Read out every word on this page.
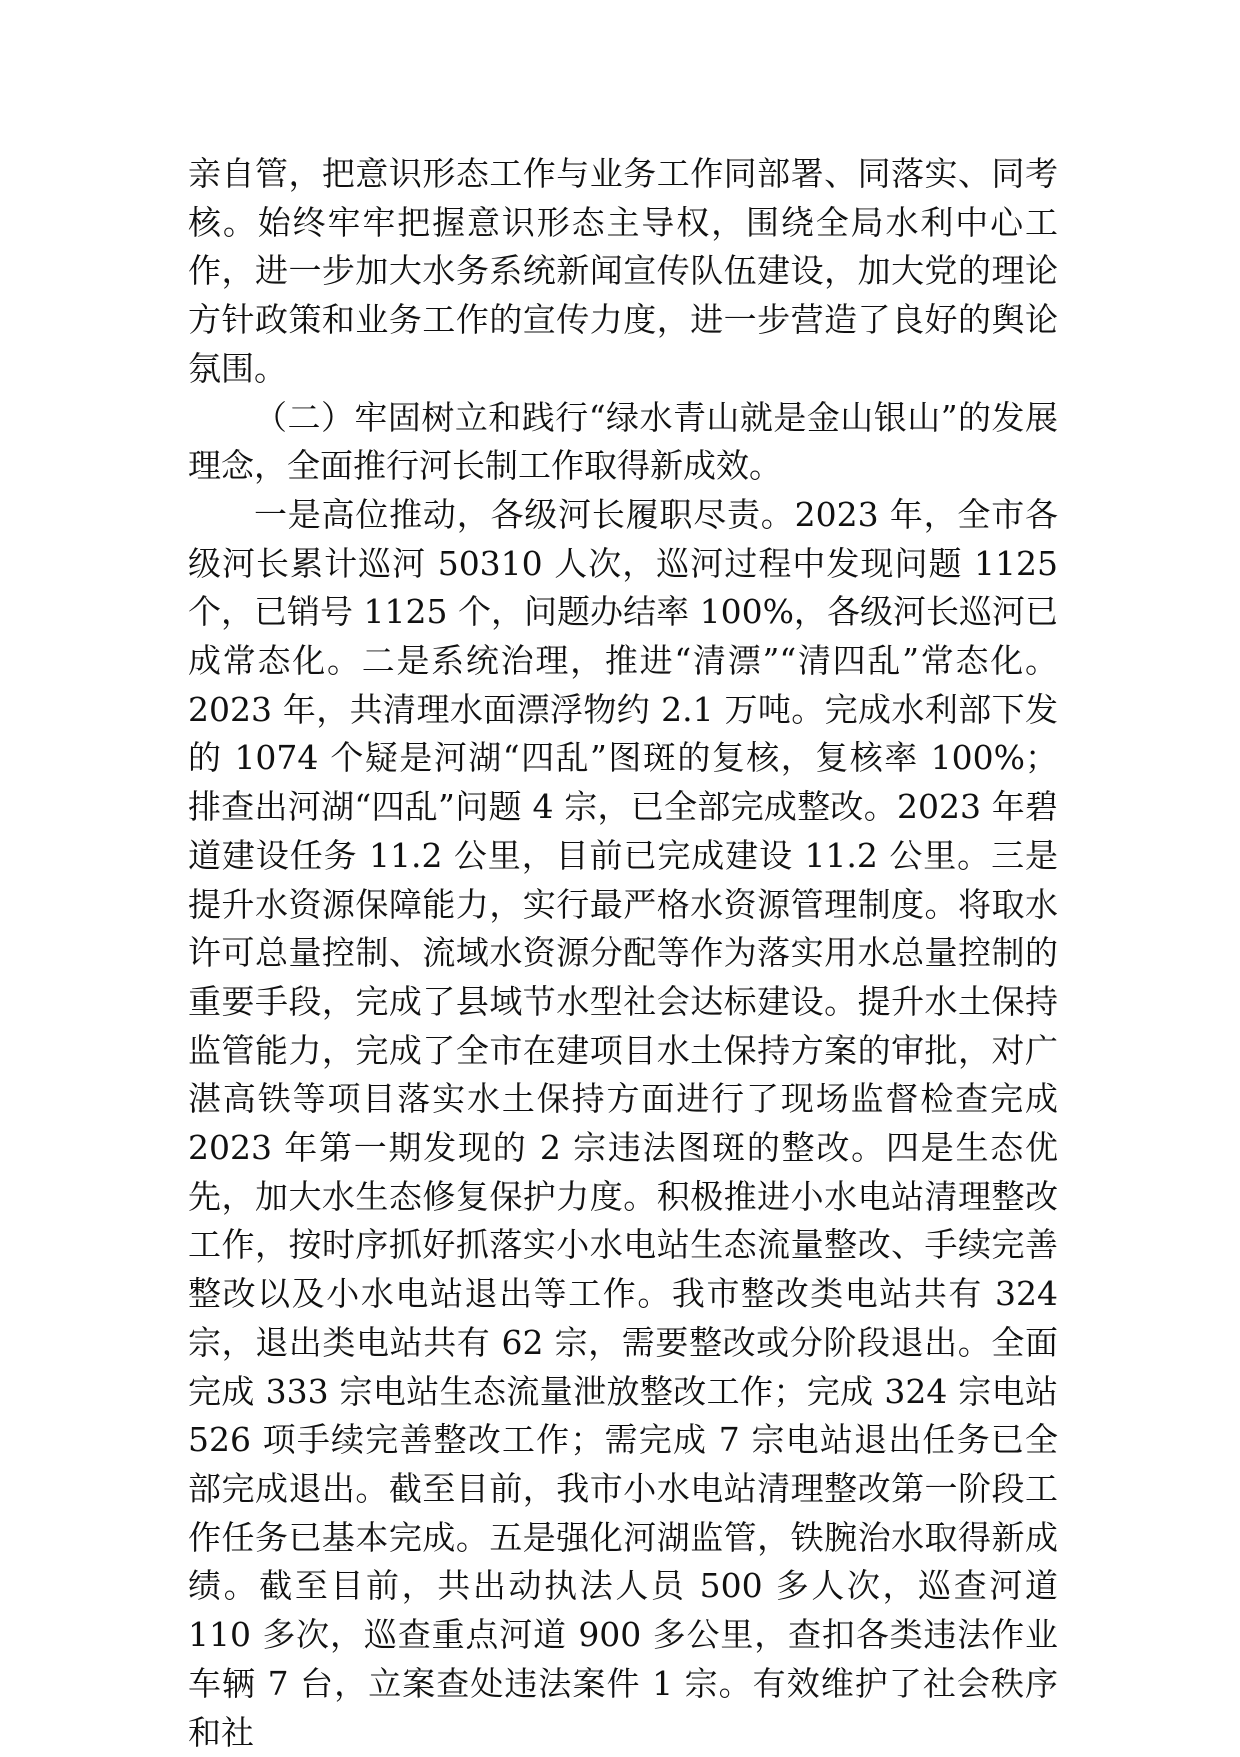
亲自管，把意识形态工作与业务工作同部署、同落实、同考核。始终牢牢把握意识形态主导权，围绕全局水利中心工作，进一步加大水务系统新闻宣传队伍建设，加大党的理论方针政策和业务工作的宣传力度，进一步营造了良好的舆论氛围。

（二）牢固树立和践行“绿水青山就是金山银山”的发展理念，全面推行河长制工作取得新成效。

一是高位推动，各级河长履职尽责。2023 年，全市各级河长累计巡河 50310 人次，巡河过程中发现问题 1125 个，已销号 1125 个，问题办结率 100%，各级河长巡河已成常态化。二是系统治理，推进“清漂”“清四乱”常态化。2023 年，共清理水面漂浮物约 2.1 万吨。完成水利部下发的 1074 个疑是河湖“四乱”图斑的复核，复核率 100%；排查出河湖“四乱”问题 4 宗，已全部完成整改。2023 年碧道建设任务 11.2 公里，目前已完成建设 11.2 公里。三是提升水资源保障能力，实行最严格水资源管理制度。将取水许可总量控制、流域水资源分配等作为落实用水总量控制的重要手段，完成了县域节水型社会达标建设。提升水土保持监管能力，完成了全市在建项目水土保持方案的审批，对广湛高铁等项目落实水土保持方面进行了现场监督检查完成 2023 年第一期发现的 2 宗违法图斑的整改。四是生态优先，加大水生态修复保护力度。积极推进小水电站清理整改工作，按时序抓好抓落实小水电站生态流量整改、手续完善整改以及小水电站退出等工作。我市整改类电站共有 324 宗，退出类电站共有 62 宗，需要整改或分阶段退出。全面完成 333 宗电站生态流量泄放整改工作；完成 324 宗电站 526 项手续完善整改工作；需完成 7 宗电站退出任务已全部完成退出。截至目前，我市小水电站清理整改第一阶段工作任务已基本完成。五是强化河湖监管，铁腕治水取得新成绩。截至目前，共出动执法人员 500 多人次，巡查河道 110 多次，巡查重点河道 900 多公里，查扣各类违法作业车辆 7 台，立案查处违法案件 1 宗。有效维护了社会秩序和社
